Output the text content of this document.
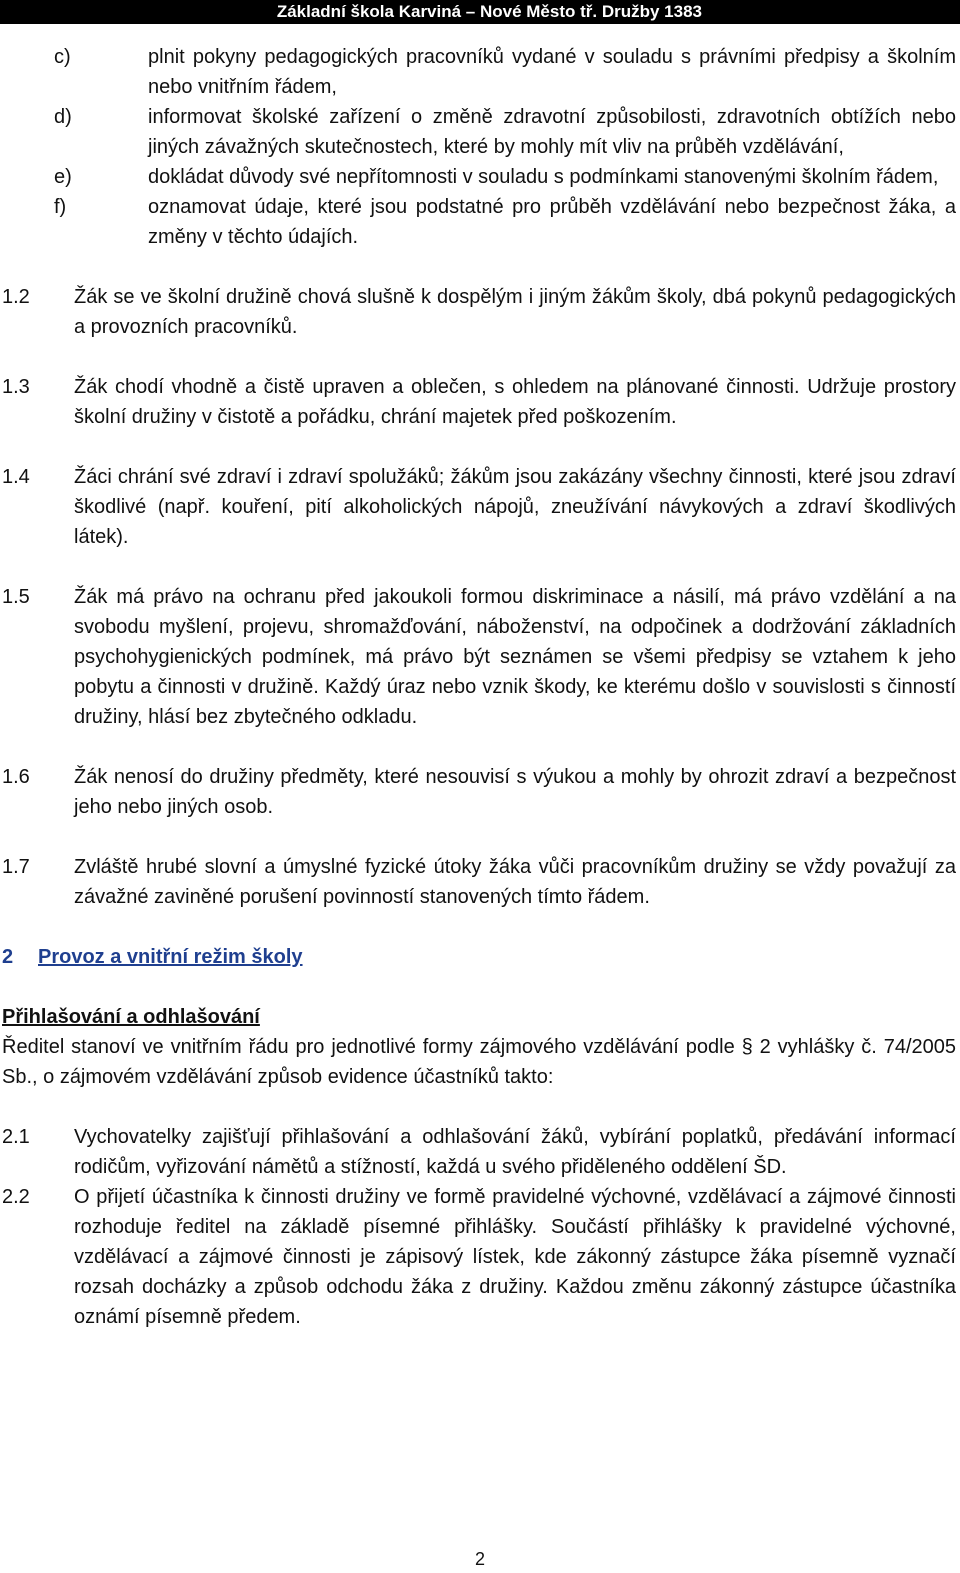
Základní škola Karviná – Nové Město tř. Družby 1383
c)	plnit pokyny pedagogických pracovníků vydané v souladu s právními předpisy a školním nebo vnitřním řádem,
d)	informovat školské zařízení o změně zdravotní způsobilosti, zdravotních obtížích nebo jiných závažných skutečnostech, které by mohly mít vliv na průběh vzdělávání,
e)	dokládat důvody své nepřítomnosti v souladu s podmínkami stanovenými školním řádem,
f)	oznamovat údaje, které jsou podstatné pro průběh vzdělávání nebo bezpečnost žáka, a změny v těchto údajích.
1.2	Žák se ve školní družině chová slušně k dospělým i jiným žákům školy, dbá pokynů pedagogických a provozních pracovníků.
1.3	Žák chodí vhodně a čistě upraven a oblečen, s ohledem na plánované činnosti. Udržuje prostory školní družiny v čistotě a pořádku, chrání majetek před poškozením.
1.4	Žáci chrání své zdraví i zdraví spolužáků; žákům jsou zakázány všechny činnosti, které jsou zdraví škodlivé (např. kouření, pití alkoholických nápojů, zneužívání návykových a zdraví škodlivých látek).
1.5	Žák má právo na ochranu před jakoukoli formou diskriminace a násilí, má právo vzdělání a na svobodu myšlení, projevu, shromažďování, náboženství, na odpočinek a dodržování základních psychohygienických podmínek, má právo být seznámen se všemi předpisy se vztahem k jeho pobytu a činnosti v družině. Každý úraz nebo vznik škody, ke kterému došlo v souvislosti s činností družiny, hlásí bez zbytečného odkladu.
1.6	Žák nenosí do družiny předměty, které nesouvisí s výukou a mohly by ohrozit zdraví a bezpečnost jeho nebo jiných osob.
1.7	Zvláště hrubé slovní a úmyslné fyzické útoky žáka vůči pracovníkům družiny se vždy považují za závažné zaviněné porušení povinností stanovených tímto řádem.
2	Provoz a vnitřní režim školy
Přihlašování a odhlašování
Ředitel stanoví ve vnitřním řádu pro jednotlivé formy zájmového vzdělávání podle § 2 vyhlášky č. 74/2005 Sb., o zájmovém vzdělávání způsob evidence účastníků takto:
2.1	Vychovatelky zajišťují přihlašování a odhlašování žáků, vybírání poplatků, předávání informací rodičům, vyřizování námětů a stížností, každá u svého přiděleného oddělení ŠD.
2.2	O přijetí účastníka k činnosti družiny ve formě pravidelné výchovné, vzdělávací a zájmové činnosti rozhoduje ředitel na základě písemné přihlášky. Součástí přihlášky k pravidelné výchovné, vzdělávací a zájmové činnosti je zápisový lístek, kde zákonný zástupce žáka písemně vyznačí rozsah docházky a způsob odchodu žáka z družiny. Každou změnu zákonný zástupce účastníka oznámí písemně předem.
2
